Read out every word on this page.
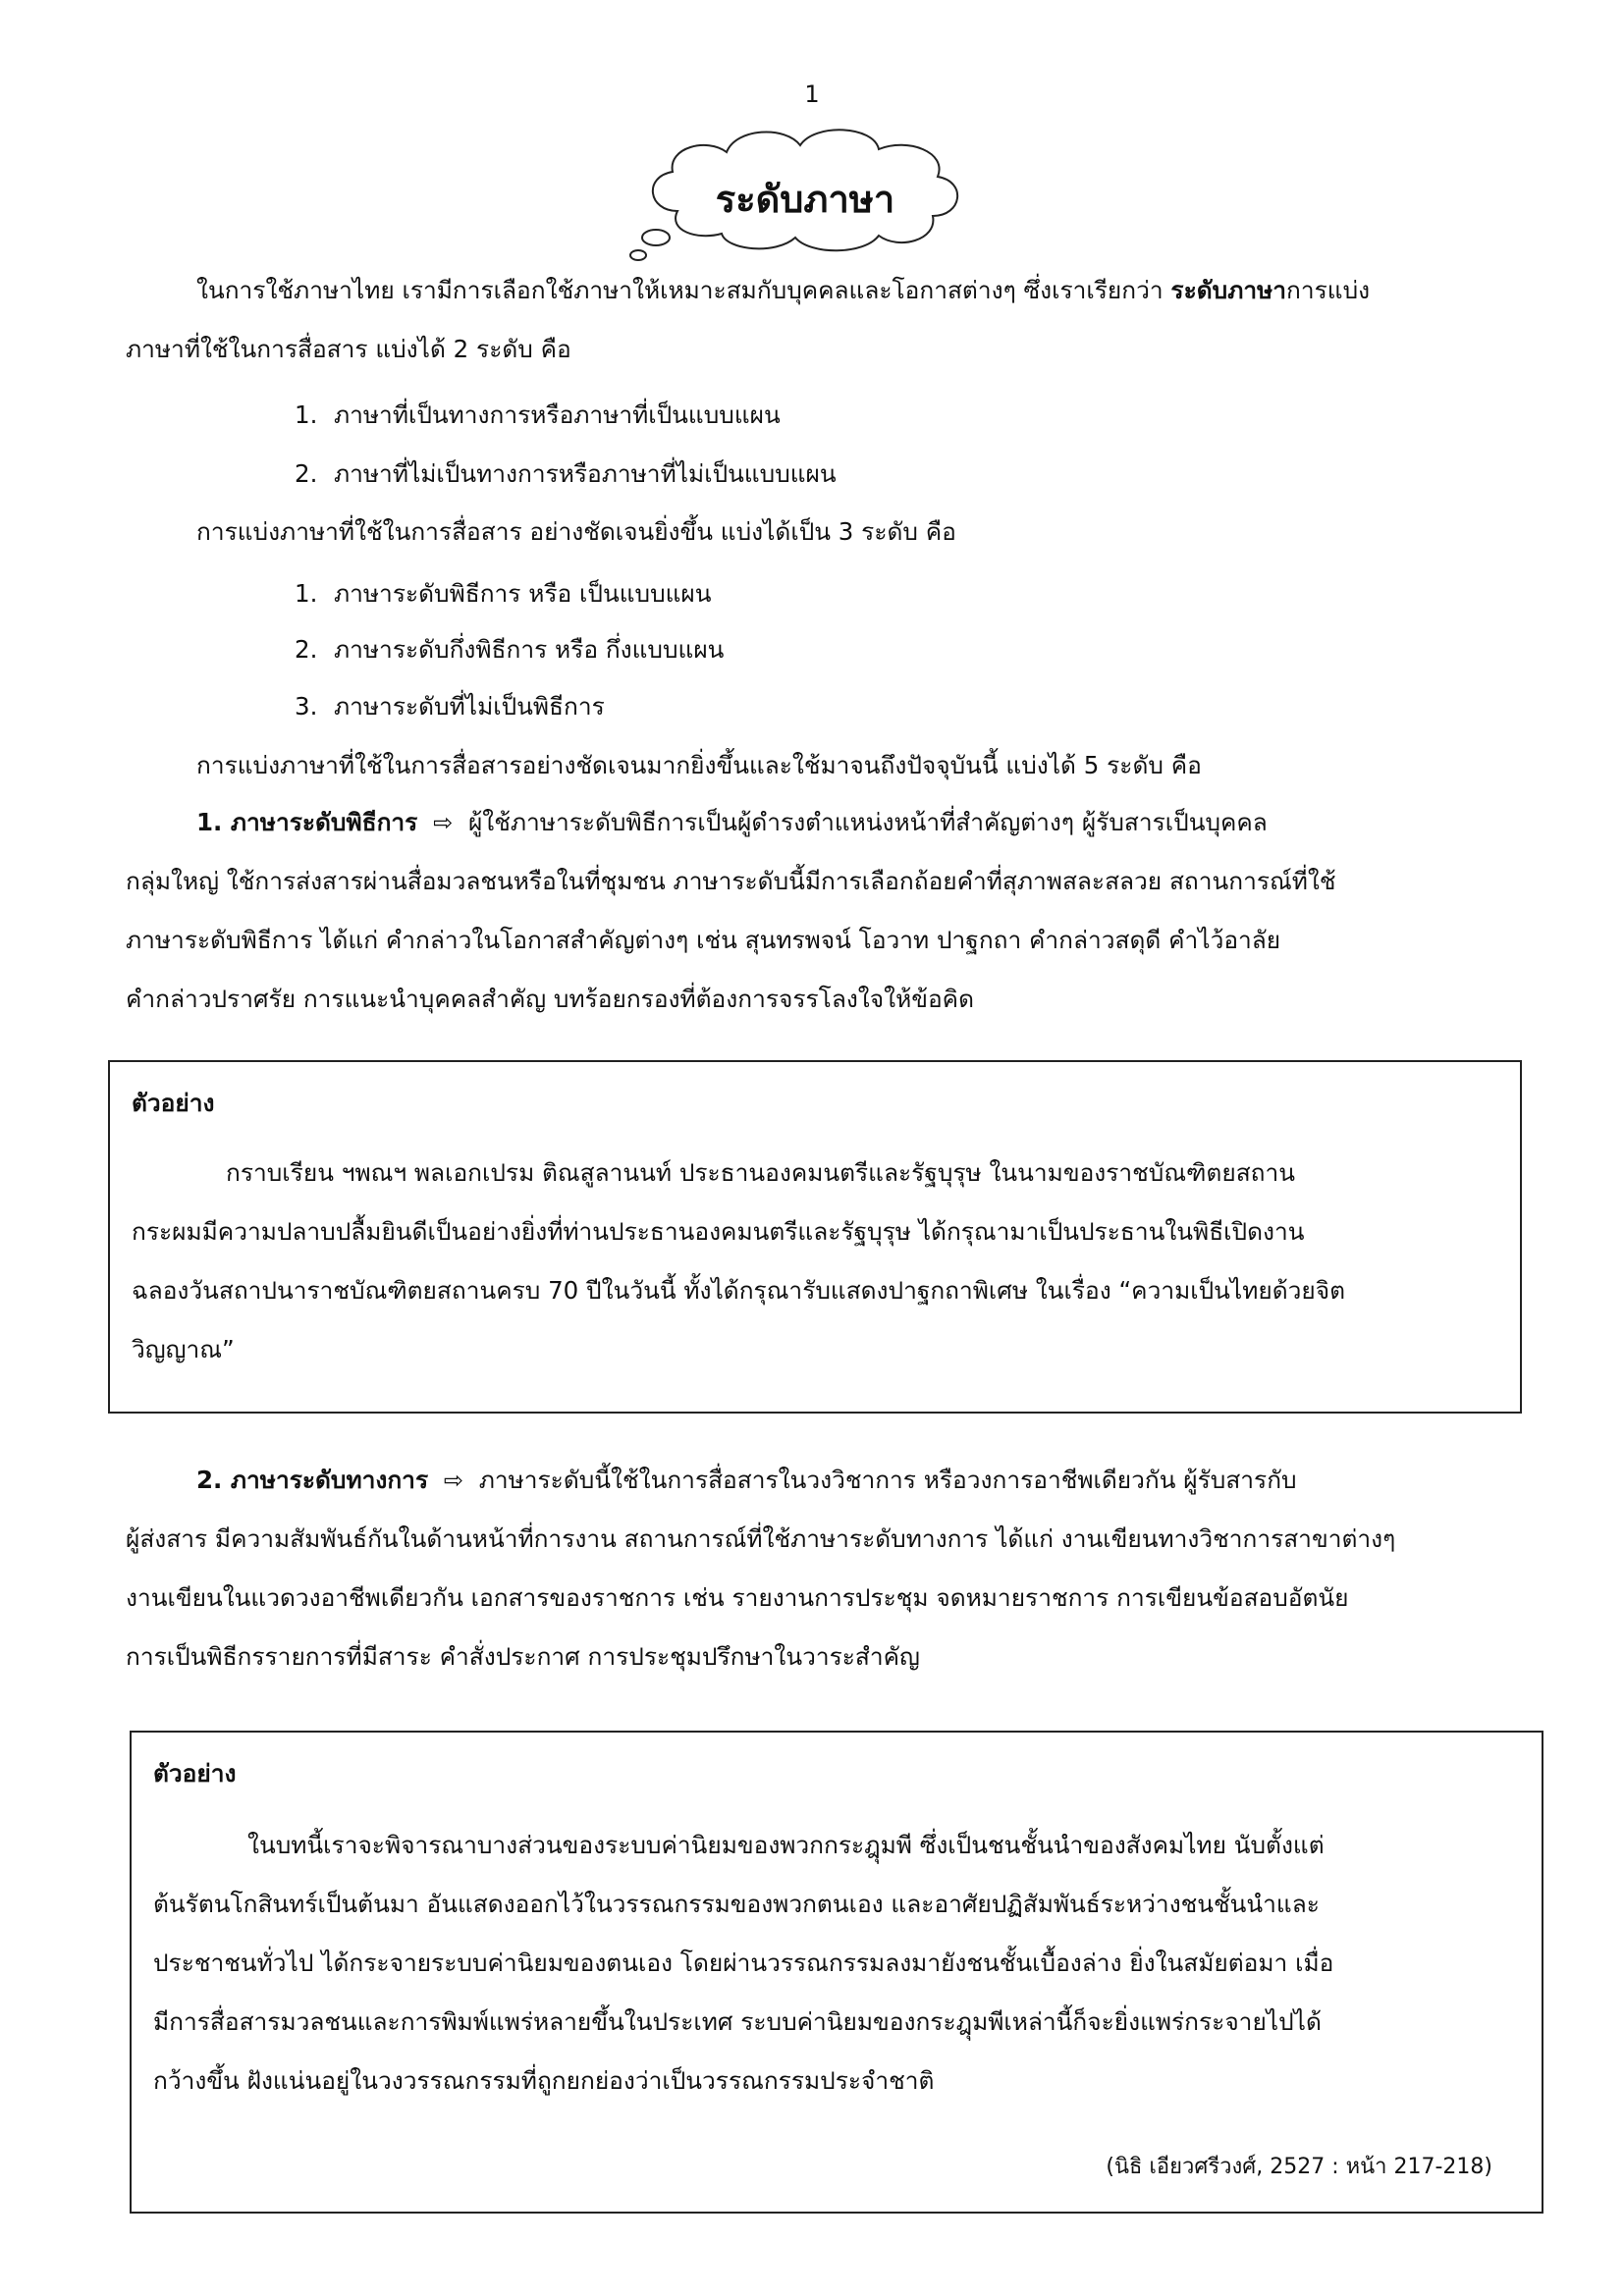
1
ระดับภาษา
ในการใช้ภาษาไทย เรามีการเลือกใช้ภาษาให้เหมาะสมกับบุคคลและโอกาสต่างๆ ซึ่งเราเรียกว่า ระดับภาษาการแบ่ง
ภาษาที่ใช้ในการสื่อสาร แบ่งได้ 2 ระดับ คือ
1. ภาษาที่เป็นทางการหรือภาษาที่เป็นแบบแผน
2. ภาษาที่ไม่เป็นทางการหรือภาษาที่ไม่เป็นแบบแผน
การแบ่งภาษาที่ใช้ในการสื่อสาร อย่างชัดเจนยิ่งขึ้น แบ่งได้เป็น 3 ระดับ คือ
1. ภาษาระดับพิธีการ หรือ เป็นแบบแผน
2. ภาษาระดับกึ่งพิธีการ หรือ กึ่งแบบแผน
3. ภาษาระดับที่ไม่เป็นพิธีการ
การแบ่งภาษาที่ใช้ในการสื่อสารอย่างชัดเจนมากยิ่งขึ้นและใช้มาจนถึงปัจจุบันนี้ แบ่งได้ 5 ระดับ คือ
1. ภาษาระดับพิธีการ ⇨ ผู้ใช้ภาษาระดับพิธีการเป็นผู้ดำรงตำแหน่งหน้าที่สำคัญต่างๆ ผู้รับสารเป็นบุคคล
กลุ่มใหญ่ ใช้การส่งสารผ่านสื่อมวลชนหรือในที่ชุมชน ภาษาระดับนี้มีการเลือกถ้อยคำที่สุภาพสละสลวย สถานการณ์ที่ใช้
ภาษาระดับพิธีการ ได้แก่ คำกล่าวในโอกาสสำคัญต่างๆ เช่น สุนทรพจน์ โอวาท ปาฐกถา คำกล่าวสดุดี คำไว้อาลัย
คำกล่าวปราศรัย การแนะนำบุคคลสำคัญ บทร้อยกรองที่ต้องการจรรโลงใจให้ข้อคิด
ตัวอย่าง
กราบเรียน ฯพณฯ พลเอกเปรม ติณสูลานนท์ ประธานองคมนตรีและรัฐบุรุษ ในนามของราชบัณฑิตยสถาน
กระผมมีความปลาบปลื้มยินดีเป็นอย่างยิ่งที่ท่านประธานองคมนตรีและรัฐบุรุษ ได้กรุณามาเป็นประธานในพิธีเปิดงาน
ฉลองวันสถาปนาราชบัณฑิตยสถานครบ 70 ปีในวันนี้ ทั้งได้กรุณารับแสดงปาฐกถาพิเศษ ในเรื่อง “ความเป็นไทยด้วยจิต
วิญญาณ”
2. ภาษาระดับทางการ ⇨ ภาษาระดับนี้ใช้ในการสื่อสารในวงวิชาการ หรือวงการอาชีพเดียวกัน ผู้รับสารกับ
ผู้ส่งสาร มีความสัมพันธ์กันในด้านหน้าที่การงาน สถานการณ์ที่ใช้ภาษาระดับทางการ ได้แก่ งานเขียนทางวิชาการสาขาต่างๆ
งานเขียนในแวดวงอาชีพเดียวกัน เอกสารของราชการ เช่น รายงานการประชุม จดหมายราชการ การเขียนข้อสอบอัตนัย
การเป็นพิธีกรรายการที่มีสาระ คำสั่งประกาศ การประชุมปรึกษาในวาระสำคัญ
ตัวอย่าง
ในบทนี้เราจะพิจารณาบางส่วนของระบบค่านิยมของพวกกระฎุมพี ซึ่งเป็นชนชั้นนำของสังคมไทย นับตั้งแต่
ต้นรัตนโกสินทร์เป็นต้นมา อันแสดงออกไว้ในวรรณกรรมของพวกตนเอง และอาศัยปฏิสัมพันธ์ระหว่างชนชั้นนำและ
ประชาชนทั่วไป ได้กระจายระบบค่านิยมของตนเอง โดยผ่านวรรณกรรมลงมายังชนชั้นเบื้องล่าง ยิ่งในสมัยต่อมา เมื่อ
มีการสื่อสารมวลชนและการพิมพ์แพร่หลายขึ้นในประเทศ ระบบค่านิยมของกระฎุมพีเหล่านี้ก็จะยิ่งแพร่กระจายไปได้
กว้างขึ้น ฝังแน่นอยู่ในวงวรรณกรรมที่ถูกยกย่องว่าเป็นวรรณกรรมประจำชาติ
(นิธิ เอียวศรีวงศ์, 2527 : หน้า 217-218)
